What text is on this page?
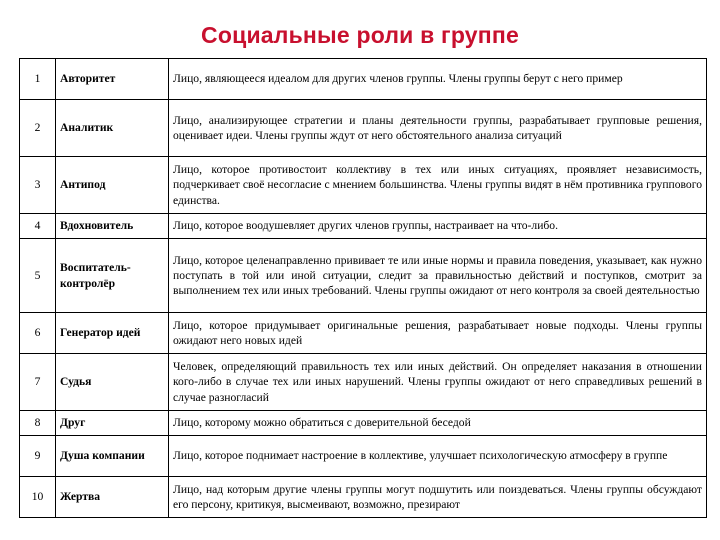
Социальные роли в группе
1	Авторитет	Лицо, являющееся идеалом для других членов группы. Члены группы берут с него пример
2	Аналитик	Лицо, анализирующее стратегии и планы деятельности группы, разрабатывает групповые решения, оценивает идеи. Члены группы ждут от него обстоятельного анализа ситуаций
3	Антипод	Лицо, которое противостоит коллективу в тех или иных ситуациях, проявляет независимость, подчеркивает своё несогласие с мнением большинства. Члены группы видят в нём противника группового единства.
4	Вдохновитель	Лицо, которое воодушевляет других членов группы, настраивает на что-либо.
5	Воспитатель-контролёр	Лицо, которое целенаправленно прививает те или иные нормы и правила поведения, указывает, как нужно поступать в той или иной ситуации, следит за правильностью действий и поступков, смотрит за выполнением тех или иных требований. Члены группы ожидают от него контроля за своей деятельностью
6	Генератор идей	Лицо, которое придумывает оригинальные решения, разрабатывает новые подходы. Члены группы ожидают него новых идей
7	Судья	Человек, определяющий правильность тех или иных действий. Он определяет наказания в отношении кого-либо в случае тех или иных нарушений. Члены группы ожидают от него справедливых решений в случае разногласий
8	Друг	Лицо, которому можно обратиться с доверительной беседой
9	Душа компании	Лицо, которое поднимает настроение в коллективе, улучшает психологическую атмосферу в группе
10	Жертва	Лицо, над которым другие члены группы могут подшутить или поиздеваться. Члены группы обсуждают его персону, критикуя, высмеивают, возможно, презирают
